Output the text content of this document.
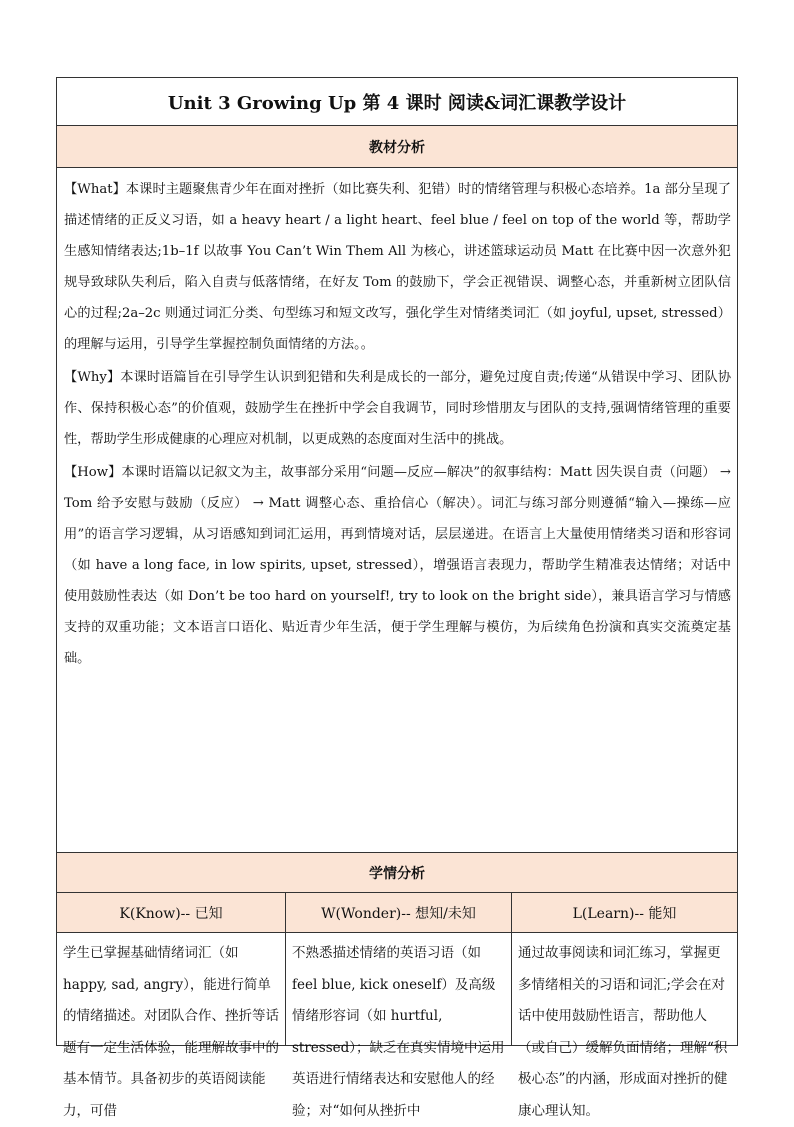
Unit 3 Growing Up 第 4 课时 阅读&词汇课教学设计
教材分析

【What】本课时主题聚焦青少年在面对挫折（如比赛失利、犯错）时的情绪管理与积极心态培养。1a 部分呈现了描述情绪的正反义习语，如 a heavy heart / a light heart、feel blue / feel on top of the world 等，帮助学生感知情绪表达;1b–1f 以故事 You Can’t Win Them All 为核心，讲述篮球运动员 Matt 在比赛中因一次意外犯规导致球队失利后，陷入自责与低落情绪，在好友 Tom 的鼓励下，学会正视错误、调整心态，并重新树立团队信心的过程;2a–2c 则通过词汇分类、句型练习和短文改写，强化学生对情绪类词汇（如 joyful, upset, stressed）的理解与运用，引导学生掌握控制负面情绪的方法。。

【Why】本课时语篇旨在引导学生认识到犯错和失利是成长的一部分，避免过度自责;传递“从错误中学习、团队协作、保持积极心态”的价值观，鼓励学生在挫折中学会自我调节，同时珍惜朋友与团队的支持,强调情绪管理的重要性，帮助学生形成健康的心理应对机制，以更成熟的态度面对生活中的挑战。

【How】本课时语篇以记叙文为主，故事部分采用“问题—反应—解决”的叙事结构：Matt 因失误自责（问题） → Tom 给予安慰与鼓励（反应） → Matt 调整心态、重拾信心（解决）。词汇与练习部分则遵循“输入—操练—应用”的语言学习逻辑，从习语感知到词汇运用，再到情境对话，层层递进。在语言上大量使用情绪类习语和形容词（如 have a long face, in low spirits, upset, stressed），增强语言表现力，帮助学生精准表达情绪；对话中使用鼓励性表达（如 Don’t be too hard on yourself!, try to look on the bright side），兼具语言学习与情感支持的双重功能；文本语言口语化、贴近青少年生活，便于学生理解与模仿，为后续角色扮演和真实交流奠定基础。

学情分析
K(Know)-- 已知	W(Wonder)-- 想知/未知	L(Learn)-- 能知
学生已掌握基础情绪词汇（如 happy, sad, angry），能进行简单的情绪描述。对团队合作、挫折等话题有一定生活体验，能理解故事中的基本情节。具备初步的英语阅读能力，可借
不熟悉描述情绪的英语习语（如 feel blue, kick oneself）及高级情绪形容词（如 hurtful, stressed）；缺乏在真实情境中运用英语进行情绪表达和安慰他人的经验；对“如何从挫折中
通过故事阅读和词汇练习，掌握更多情绪相关的习语和词汇;学会在对话中使用鼓励性语言，帮助他人（或自己）缓解负面情绪；理解“积极心态”的内涵，形成面对挫折的健康心理认知。
